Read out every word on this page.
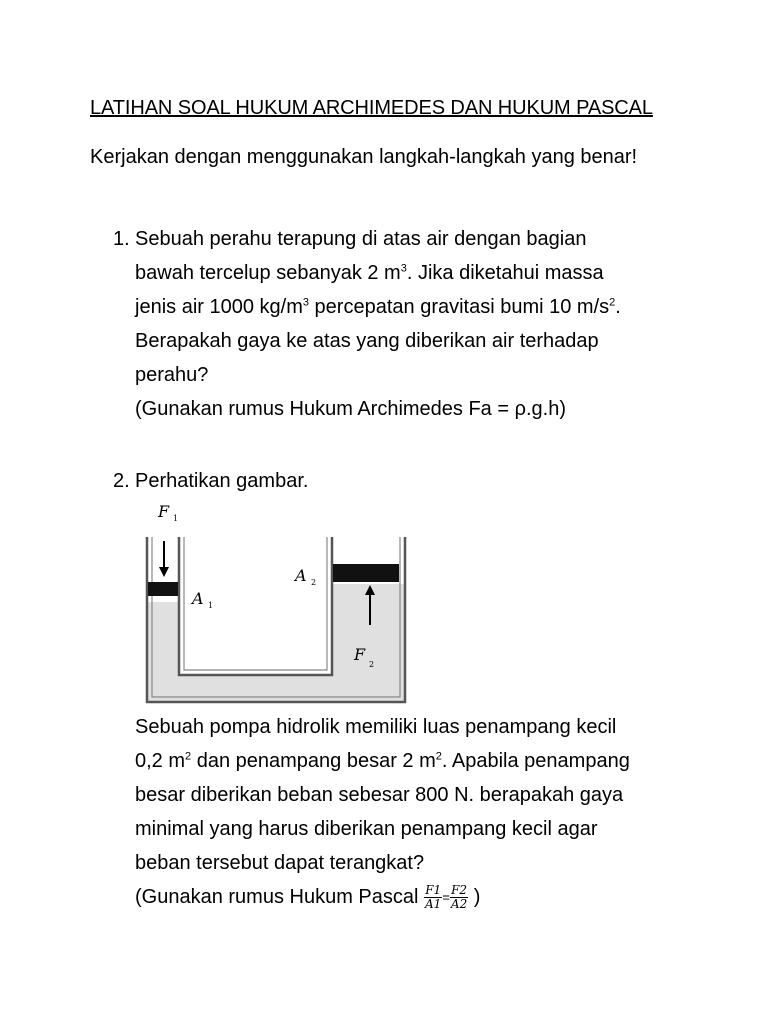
LATIHAN SOAL HUKUM ARCHIMEDES DAN HUKUM PASCAL
Kerjakan dengan menggunakan langkah-langkah yang benar!
1. Sebuah perahu terapung di atas air dengan bagian
bawah tercelup sebanyak 2 $m^3$. Jika diketahui massa
jenis air 1000 $kg/m^3$ percepatan gravitasi bumi 10 $m/s^2$.
Berapakah gaya ke atas yang diberikan air terhadap
perahu?
(Gunakan rumus Hukum Archimedes Fa = ρ.g.h)
2. Perhatikan gambar.
F 1
A 1
A 2
F
2
Sebuah pompa hidrolik memiliki luas penampang kecil
0,2 $m^2$ dan penampang besar 2 $m^2$. Apabila penampang
besar diberikan beban sebesar 800 N. berapakah gaya
minimal yang harus diberikan penampang kecil agar
beban tersebut dapat terangkat?
(Gunakan rumus Hukum Pascal $\frac{F1}{A1} = \frac{F2}{A2}$ )
